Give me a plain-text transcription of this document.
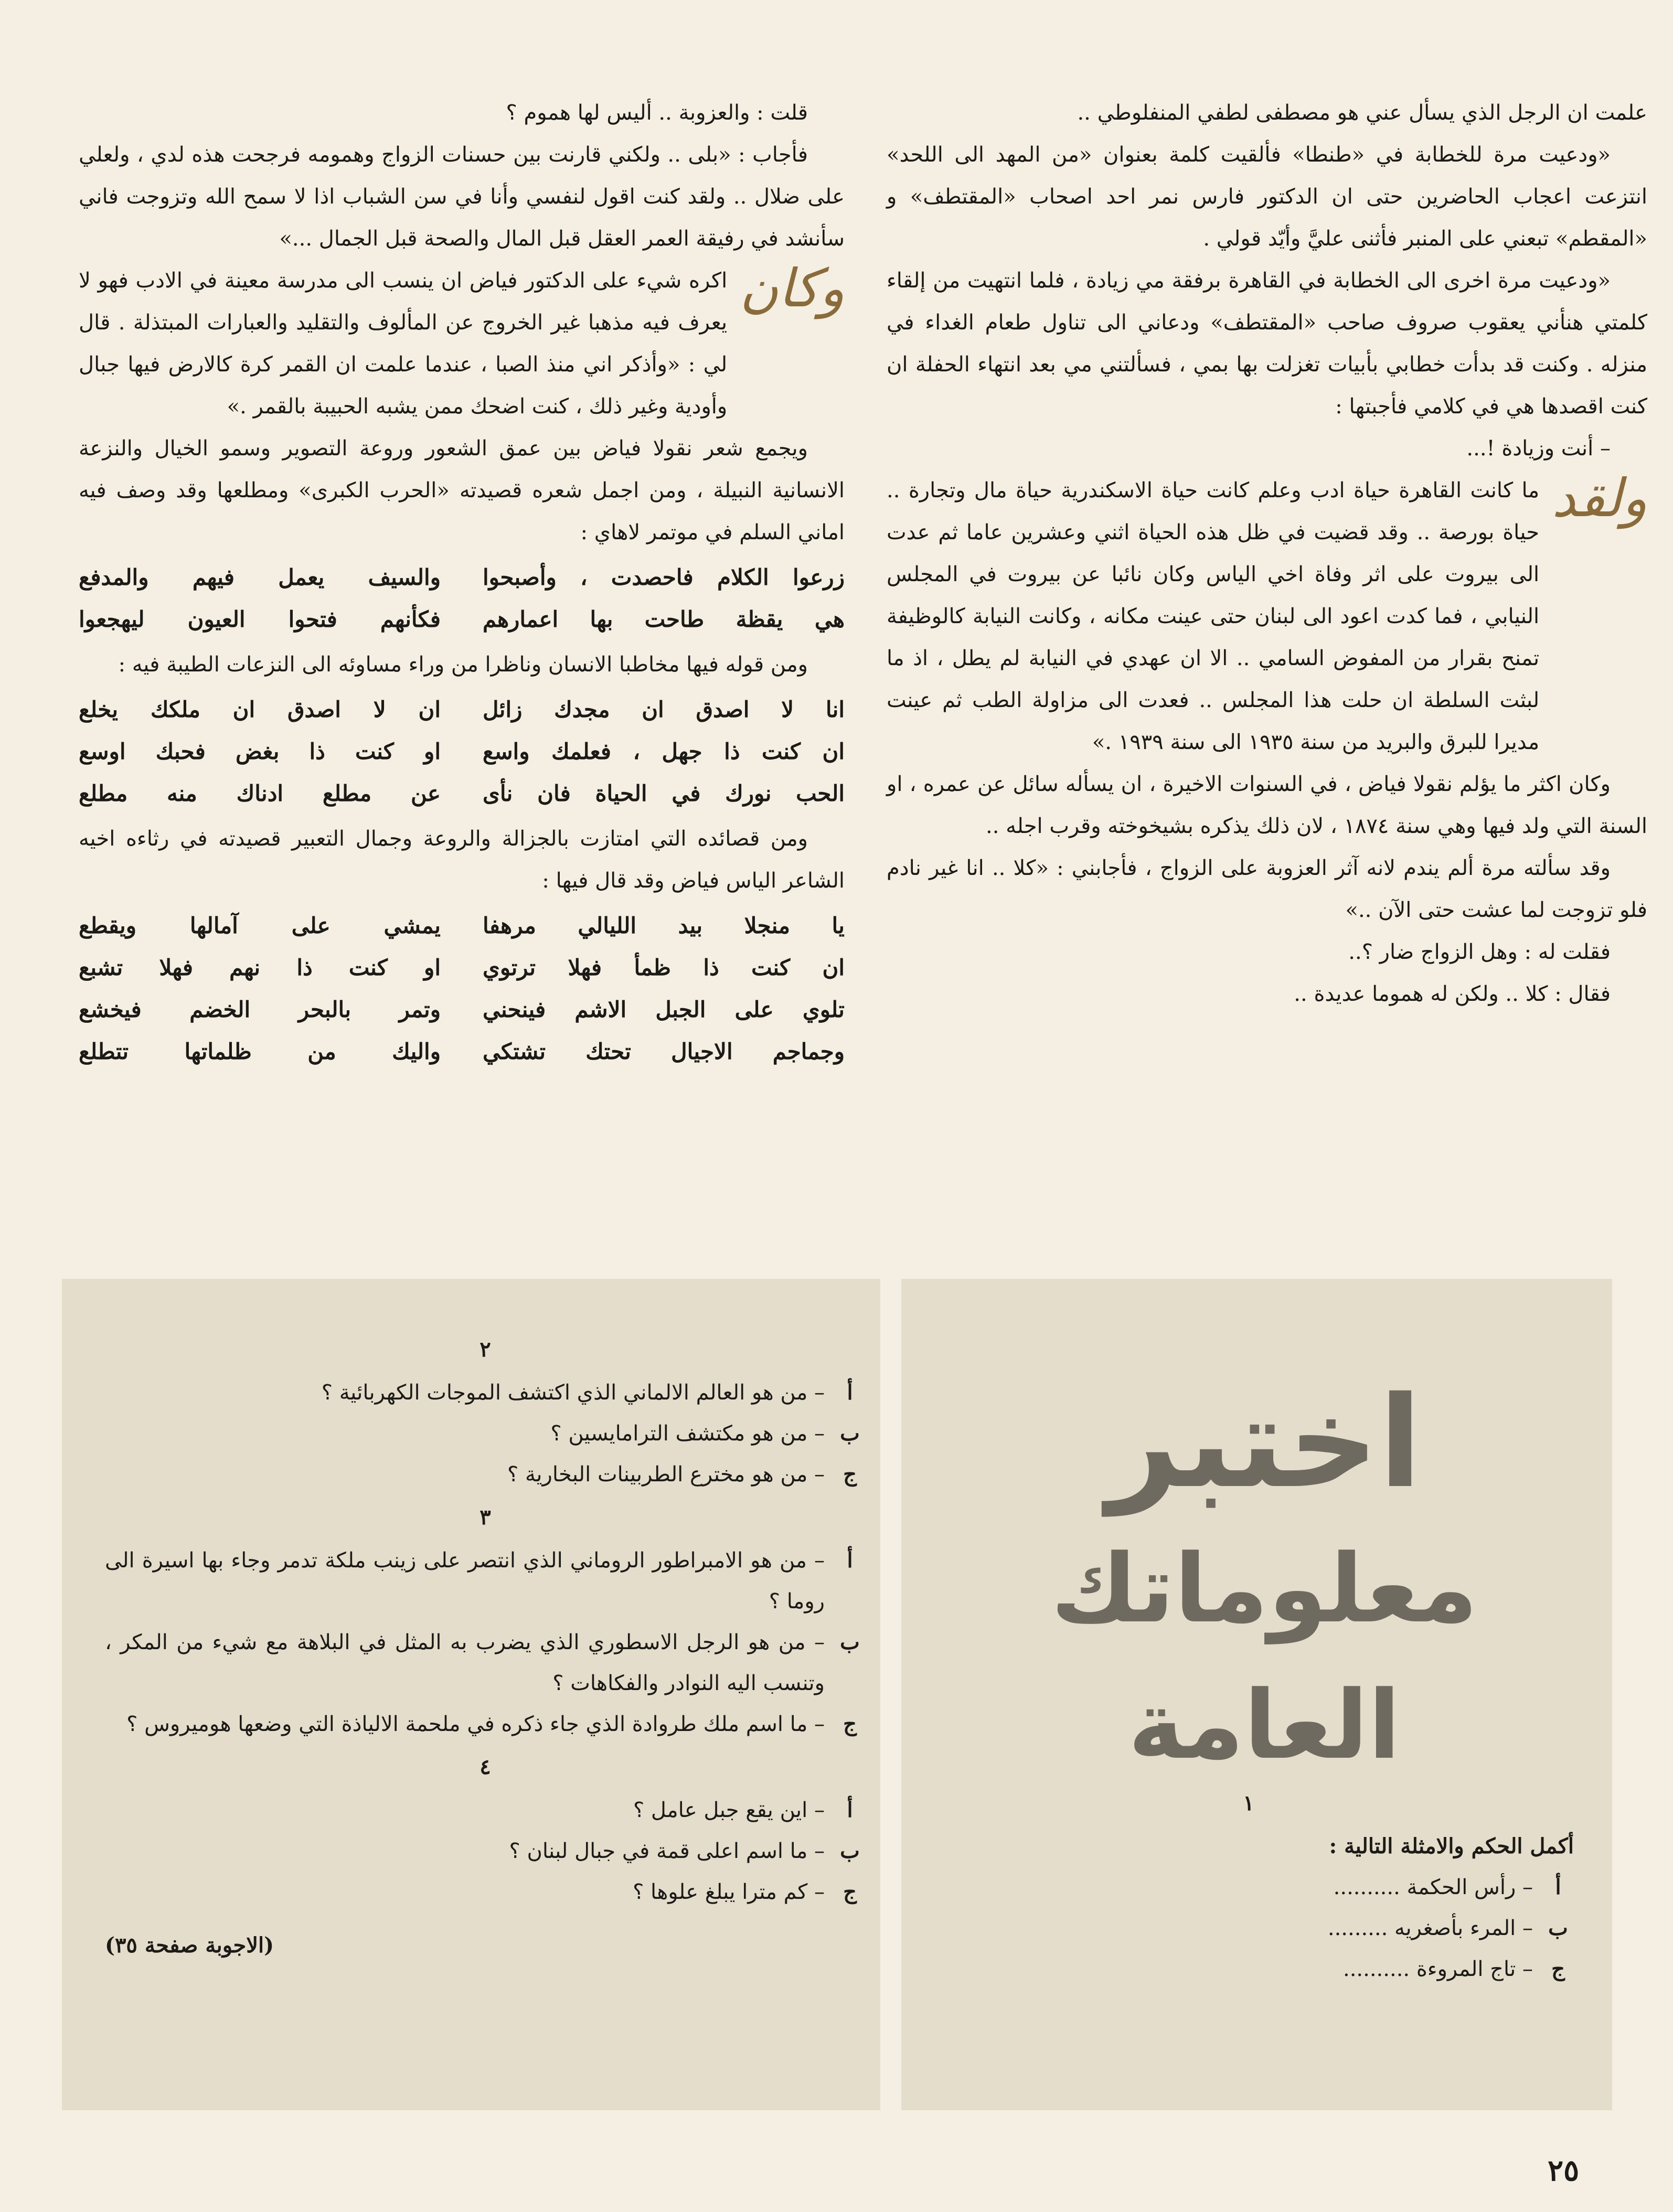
علمت ان الرجل الذي يسأل عني هو مصطفى لطفي المنفلوطي ..

«ودعيت مرة للخطابة في «طنطا» فألقيت كلمة بعنوان «من المهد الى اللحد» انتزعت اعجاب الحاضرين حتى ان الدكتور فارس نمر احد اصحاب «المقتطف» و «المقطم» تبعني على المنبر فأثنى عليَّ وأيّد قولي .

«ودعيت مرة اخرى الى الخطابة في القاهرة برفقة مي زيادة ، فلما انتهيت من إلقاء كلمتي هنأني يعقوب صروف صاحب «المقتطف» ودعاني الى تناول طعام الغداء في منزله . وكنت قد بدأت خطابي بأبيات تغزلت بها بمي ، فسألتني مي بعد انتهاء الحفلة ان كنت اقصدها هي في كلامي فأجبتها :

– أنت وزيادة !...

ولقد

ما كانت القاهرة حياة ادب وعلم كانت حياة الاسكندرية حياة مال وتجارة .. حياة بورصة .. وقد قضيت في ظل هذه الحياة اثني وعشرين عاما ثم عدت الى بيروت على اثر وفاة اخي الياس وكان نائبا عن بيروت في المجلس النيابي ، فما كدت اعود الى لبنان حتى عينت مكانه ، وكانت النيابة كالوظيفة تمنح بقرار من المفوض السامي .. الا ان عهدي في النيابة لم يطل ، اذ ما لبثت السلطة ان حلت هذا المجلس .. فعدت الى مزاولة الطب ثم عينت مديرا للبرق والبريد من سنة ١٩٣٥ الى سنة ١٩٣٩ .»

وكان اكثر ما يؤلم نقولا فياض ، في السنوات الاخيرة ، ان يسأله سائل عن عمره ، او السنة التي ولد فيها وهي سنة ١٨٧٤ ، لان ذلك يذكره بشيخوخته وقرب اجله ..

وقد سألته مرة ألم يندم لانه آثر العزوبة على الزواج ، فأجابني : «كلا .. انا غير نادم فلو تزوجت لما عشت حتى الآن ..»

فقلت له : وهل الزواج ضار ؟..

فقال : كلا .. ولكن له هموما عديدة ..

قلت : والعزوبة .. أليس لها هموم ؟

فأجاب : «بلى .. ولكني قارنت بين حسنات الزواج وهمومه فرجحت هذه لدي ، ولعلي على ضلال .. ولقد كنت اقول لنفسي وأنا في سن الشباب اذا لا سمح الله وتزوجت فاني سأنشد في رفيقة العمر العقل قبل المال والصحة قبل الجمال ...»

وكان

اكره شيء على الدكتور فياض ان ينسب الى مدرسة معينة في الادب فهو لا يعرف فيه مذهبا غير الخروج عن المألوف والتقليد والعبارات المبتذلة . قال لي : «وأذكر اني منذ الصبا ، عندما علمت ان القمر كرة كالارض فيها جبال وأودية وغير ذلك ، كنت اضحك ممن يشبه الحبيبة بالقمر .»

ويجمع شعر نقولا فياض بين عمق الشعور وروعة التصوير وسمو الخيال والنزعة الانسانية النبيلة ، ومن اجمل شعره قصيدته «الحرب الكبرى» ومطلعها وقد وصف فيه اماني السلم في موتمر لاهاي :

زرعوا الكلام فاحصدت ، وأصبحوا
والسيف يعمل فيهم والمدفع
هي يقظة طاحت بها اعمارهم
فكأنهم فتحوا العيون ليهجعوا

ومن قوله فيها مخاطبا الانسان وناظرا من وراء مساوئه الى النزعات الطيبة فيه :

انا لا اصدق ان مجدك زائل
ان لا اصدق ان ملكك يخلع
ان كنت ذا جهل ، فعلمك واسع
او كنت ذا بغض فحبك اوسع
الحب نورك في الحياة فان نأى
عن مطلع ادناك منه مطلع

ومن قصائده التي امتازت بالجزالة والروعة وجمال التعبير قصيدته في رثاءه اخيه الشاعر الياس فياض وقد قال فيها :

يا منجلا بيد الليالي مرهفا
يمشي على آمالها ويقطع
ان كنت ذا ظمأ فهلا ترتوي
او كنت ذا نهم فهلا تشبع
تلوي على الجبل الاشم فينحني
وتمر بالبحر الخضم فيخشع
وجماجم الاجيال تحتك تشتكي
واليك من ظلماتها تتطلع
اختبر
معلوماتك العامة
١
أكمل الحكم والامثلة التالية :
أ
– رأس الحكمة ..........
ب
– المرء بأصغريه .........
ج
– تاج المروءة ..........
٢
أ
– من هو العالم الالماني الذي اكتشف الموجات الكهربائية ؟
ب
– من هو مكتشف الترامايسين ؟
ج
– من هو مخترع الطربينات البخارية ؟
٣
أ
– من هو الامبراطور الروماني الذي انتصر على زينب ملكة تدمر وجاء بها اسيرة الى روما ؟
ب
– من هو الرجل الاسطوري الذي يضرب به المثل في البلاهة مع شيء من المكر ، وتنسب اليه النوادر والفكاهات ؟
ج
– ما اسم ملك طروادة الذي جاء ذكره في ملحمة الالياذة التي وضعها هوميروس ؟
٤
أ
– اين يقع جبل عامل ؟
ب
– ما اسم اعلى قمة في جبال لبنان ؟
ج
– كم مترا يبلغ علوها ؟
(الاجوبة صفحة ٣٥)
٢٥
